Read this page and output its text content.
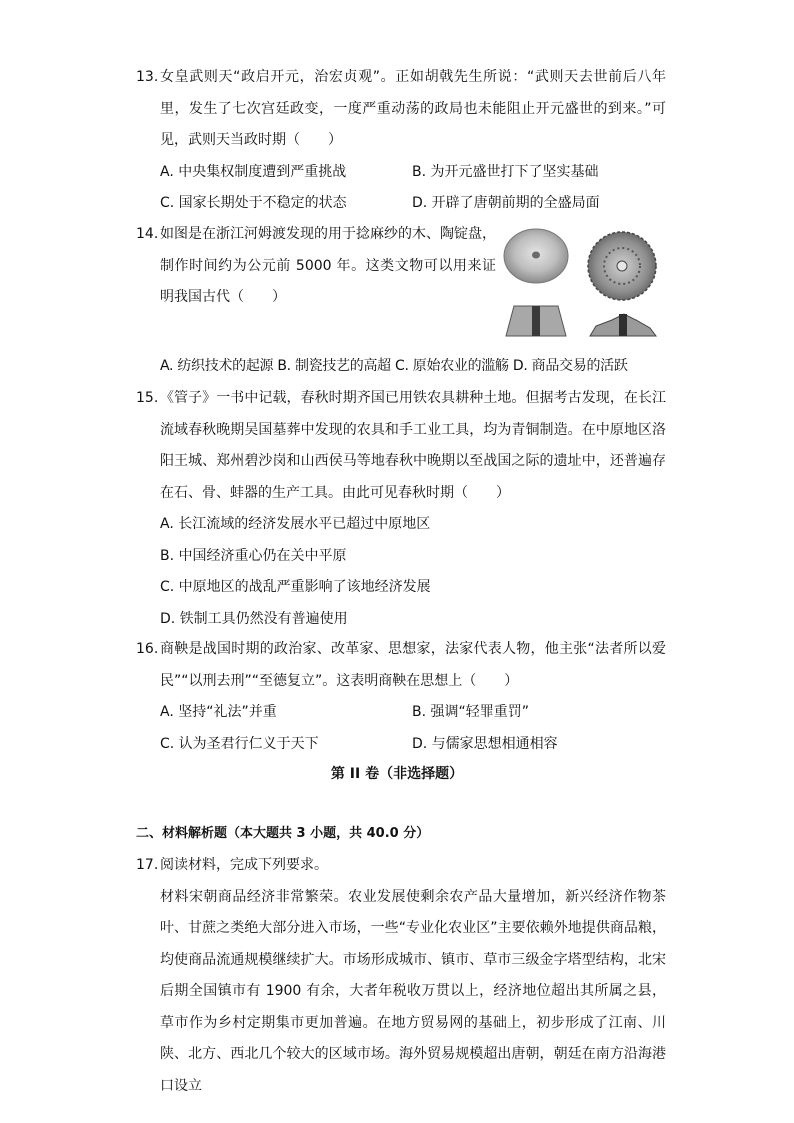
13. 女皇武则天“政启开元，治宏贞观”。正如胡戟先生所说：“武则天去世前后八年里，发生了七次宫廷政变，一度严重动荡的政局也未能阻止开元盛世的到来。”可见，武则天当政时期（　　）
A. 中央集权制度遭到严重挑战	B. 为开元盛世打下了坚实基础
C. 国家长期处于不稳定的状态	D. 开辟了唐朝前期的全盛局面
14. 如图是在浙江河姆渡发现的用于捻麻纱的木、陶锭盘，制作时间约为公元前 5000 年。这类文物可以用来证明我国古代（　　）
A. 纺织技术的起源 B. 制瓷技艺的高超 C. 原始农业的滥觞 D. 商品交易的活跃
15. 《管子》一书中记载，春秋时期齐国已用铁农具耕种土地。但据考古发现，在长江流域春秋晚期吴国墓葬中发现的农具和手工业工具，均为青铜制造。在中原地区洛阳王城、郑州碧沙岗和山西侯马等地春秋中晚期以至战国之际的遗址中，还普遍存在石、骨、蚌器的生产工具。由此可见春秋时期（　　）
A. 长江流域的经济发展水平已超过中原地区
B. 中国经济重心仍在关中平原
C. 中原地区的战乱严重影响了该地经济发展
D. 铁制工具仍然没有普遍使用
16. 商鞅是战国时期的政治家、改革家、思想家，法家代表人物，他主张“法者所以爱民”“以刑去刑”“至德复立”。这表明商鞅在思想上（　　）
A. 坚持“礼法”并重	B. 强调“轻罪重罚”
C. 认为圣君行仁义于天下	D. 与儒家思想相通相容
第 II 卷（非选择题）
二、材料解析题（本大题共 3 小题，共 40.0 分）
17. 阅读材料，完成下列要求。
材料宋朝商品经济非常繁荣。农业发展使剩余农产品大量增加，新兴经济作物茶叶、甘蔗之类绝大部分进入市场，一些“专业化农业区”主要依赖外地提供商品粮，均使商品流通规模继续扩大。市场形成城市、镇市、草市三级金字塔型结构，北宋后期全国镇市有 1900 有余，大者年税收万贯以上，经济地位超出其所属之县，草市作为乡村定期集市更加普遍。在地方贸易网的基础上，初步形成了江南、川陕、北方、西北几个较大的区域市场。海外贸易规模超出唐朝，朝廷在南方沿海港口设立
